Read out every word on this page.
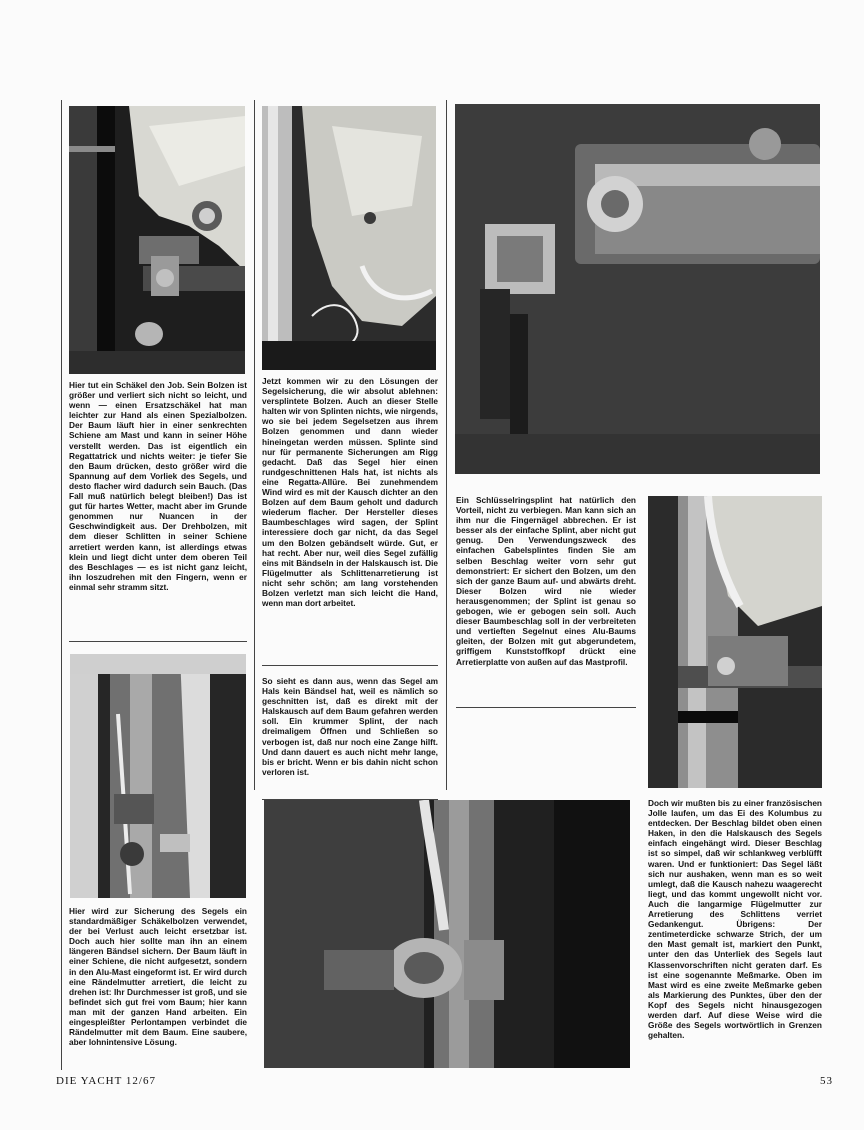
Hier tut ein Schäkel den Job. Sein Bolzen ist größer und verliert sich nicht so leicht, und wenn — einen Ersatzschäkel hat man leichter zur Hand als einen Spezialbolzen. Der Baum läuft hier in einer senkrechten Schiene am Mast und kann in seiner Höhe verstellt werden. Das ist eigentlich ein Regattatrick und nichts weiter: je tiefer Sie den Baum drücken, desto größer wird die Spannung auf dem Vorliek des Segels, und desto flacher wird dadurch sein Bauch. (Das Fall muß natürlich belegt bleiben!) Das ist gut für hartes Wetter, macht aber im Grunde genommen nur Nuancen in der Geschwindigkeit aus. Der Drehbolzen, mit dem dieser Schlitten in seiner Schiene arretiert werden kann, ist allerdings etwas klein und liegt dicht unter dem oberen Teil des Beschlages — es ist nicht ganz leicht, ihn loszudrehen mit den Fingern, wenn er einmal sehr stramm sitzt.

Jetzt kommen wir zu den Lösungen der Segelsicherung, die wir absolut ablehnen: versplintete Bolzen. Auch an dieser Stelle halten wir von Splinten nichts, wie nirgends, wo sie bei jedem Segelsetzen aus ihrem Bolzen genommen und dann wieder hineingetan werden müssen. Splinte sind nur für permanente Sicherungen am Rigg gedacht. Daß das Segel hier einen rundgeschnittenen Hals hat, ist nichts als eine Regatta-Allüre. Bei zunehmendem Wind wird es mit der Kausch dichter an den Bolzen auf dem Baum geholt und dadurch wiederum flacher. Der Hersteller dieses Baumbeschlages wird sagen, der Splint interessiere doch gar nicht, da das Segel um den Bolzen gebändselt würde. Gut, er hat recht. Aber nur, weil dies Segel zufällig eins mit Bändseln in der Halskausch ist. Die Flügelmutter als Schlittenarretierung ist nicht sehr schön; am lang vorstehenden Bolzen verletzt man sich leicht die Hand, wenn man dort arbeitet.

So sieht es dann aus, wenn das Segel am Hals kein Bändsel hat, weil es nämlich so geschnitten ist, daß es direkt mit der Halskausch auf dem Baum gefahren werden soll. Ein krummer Splint, der nach dreimaligem Öffnen und Schließen so verbogen ist, daß nur noch eine Zange hilft. Und dann dauert es auch nicht mehr lange, bis er bricht. Wenn er bis dahin nicht schon verloren ist.

Ein Schlüsselringsplint hat natürlich den Vorteil, nicht zu verbiegen. Man kann sich an ihm nur die Fingernägel abbrechen. Er ist besser als der einfache Splint, aber nicht gut genug. Den Verwendungszweck des einfachen Gabelsplintes finden Sie am selben Beschlag weiter vorn sehr gut demonstriert: Er sichert den Bolzen, um den sich der ganze Baum auf- und abwärts dreht. Dieser Bolzen wird nie wieder herausgenommen; der Splint ist genau so gebogen, wie er gebogen sein soll. Auch dieser Baumbeschlag soll in der verbreiteten und vertieften Segelnut eines Alu-Baums gleiten, der Bolzen mit gut abgerundetem, griffigem Kunststoffkopf drückt eine Arretierplatte von außen auf das Mastprofil.

Hier wird zur Sicherung des Segels ein standardmäßiger Schäkelbolzen verwendet, der bei Verlust auch leicht ersetzbar ist. Doch auch hier sollte man ihn an einem längeren Bändsel sichern. Der Baum läuft in einer Schiene, die nicht aufgesetzt, sondern in den Alu-Mast eingeformt ist. Er wird durch eine Rändelmutter arretiert, die leicht zu drehen ist: Ihr Durchmesser ist groß, und sie befindet sich gut frei vom Baum; hier kann man mit der ganzen Hand arbeiten. Ein eingespleißter Perlontampen verbindet die Rändelmutter mit dem Baum. Eine saubere, aber lohnintensive Lösung.

Doch wir mußten bis zu einer französischen Jolle laufen, um das Ei des Kolumbus zu entdecken. Der Beschlag bildet oben einen Haken, in den die Halskausch des Segels einfach eingehängt wird. Dieser Beschlag ist so simpel, daß wir schlankweg verblüfft waren. Und er funktioniert: Das Segel läßt sich nur aushaken, wenn man es so weit umlegt, daß die Kausch nahezu waagerecht liegt, und das kommt ungewollt nicht vor. Auch die langarmige Flügelmutter zur Arretierung des Schlittens verriet Gedankengut. Übrigens: Der zentimeterdicke schwarze Strich, der um den Mast gemalt ist, markiert den Punkt, unter den das Unterliek des Segels laut Klassenvorschriften nicht geraten darf. Es ist eine sogenannte Meßmarke. Oben im Mast wird es eine zweite Meßmarke geben als Markierung des Punktes, über den der Kopf des Segels nicht hinausgezogen werden darf. Auf diese Weise wird die Größe des Segels wortwörtlich in Grenzen gehalten.

DIE YACHT 12/67	53
